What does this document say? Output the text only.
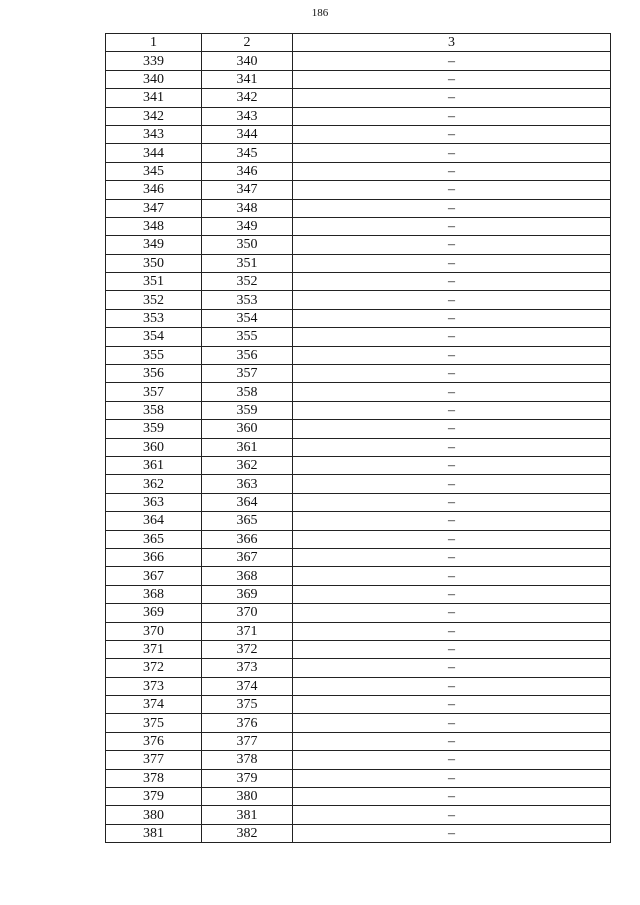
186
1	2	3
339	340	–
340	341	–
341	342	–
342	343	–
343	344	–
344	345	–
345	346	–
346	347	–
347	348	–
348	349	–
349	350	–
350	351	–
351	352	–
352	353	–
353	354	–
354	355	–
355	356	–
356	357	–
357	358	–
358	359	–
359	360	–
360	361	–
361	362	–
362	363	–
363	364	–
364	365	–
365	366	–
366	367	–
367	368	–
368	369	–
369	370	–
370	371	–
371	372	–
372	373	–
373	374	–
374	375	–
375	376	–
376	377	–
377	378	–
378	379	–
379	380	–
380	381	–
381	382	–
